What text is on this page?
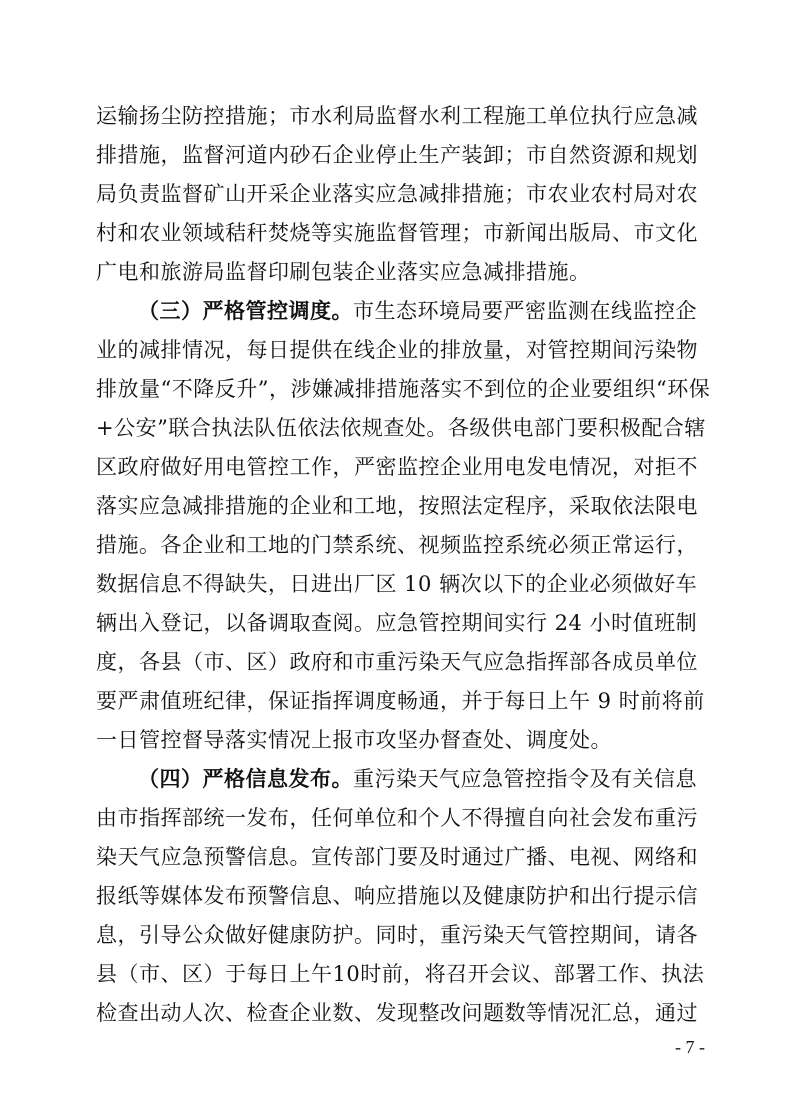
运输扬尘防控措施；市水利局监督水利工程施工单位执行应急减
排措施，监督河道内砂石企业停止生产装卸；市自然资源和规划
局负责监督矿山开采企业落实应急减排措施；市农业农村局对农
村和农业领域秸秆焚烧等实施监督管理；市新闻出版局、市文化
广电和旅游局监督印刷包装企业落实应急减排措施。
（三）严格管控调度。市生态环境局要严密监测在线监控企
业的减排情况，每日提供在线企业的排放量，对管控期间污染物
排放量“不降反升”，涉嫌减排措施落实不到位的企业要组织“环保
+公安”联合执法队伍依法依规查处。各级供电部门要积极配合辖
区政府做好用电管控工作，严密监控企业用电发电情况，对拒不
落实应急减排措施的企业和工地，按照法定程序，采取依法限电
措施。各企业和工地的门禁系统、视频监控系统必须正常运行，
数据信息不得缺失，日进出厂区 10 辆次以下的企业必须做好车
辆出入登记，以备调取查阅。应急管控期间实行 24 小时值班制
度，各县（市、区）政府和市重污染天气应急指挥部各成员单位
要严肃值班纪律，保证指挥调度畅通，并于每日上午 9 时前将前
一日管控督导落实情况上报市攻坚办督查处、调度处。
（四）严格信息发布。重污染天气应急管控指令及有关信息
由市指挥部统一发布，任何单位和个人不得擅自向社会发布重污
染天气应急预警信息。宣传部门要及时通过广播、电视、网络和
报纸等媒体发布预警信息、响应措施以及健康防护和出行提示信
息，引导公众做好健康防护。同时，重污染天气管控期间，请各
县（市、区）于每日上午10时前，将召开会议、部署工作、执法
检查出动人次、检查企业数、发现整改问题数等情况汇总，通过
- 7 -
